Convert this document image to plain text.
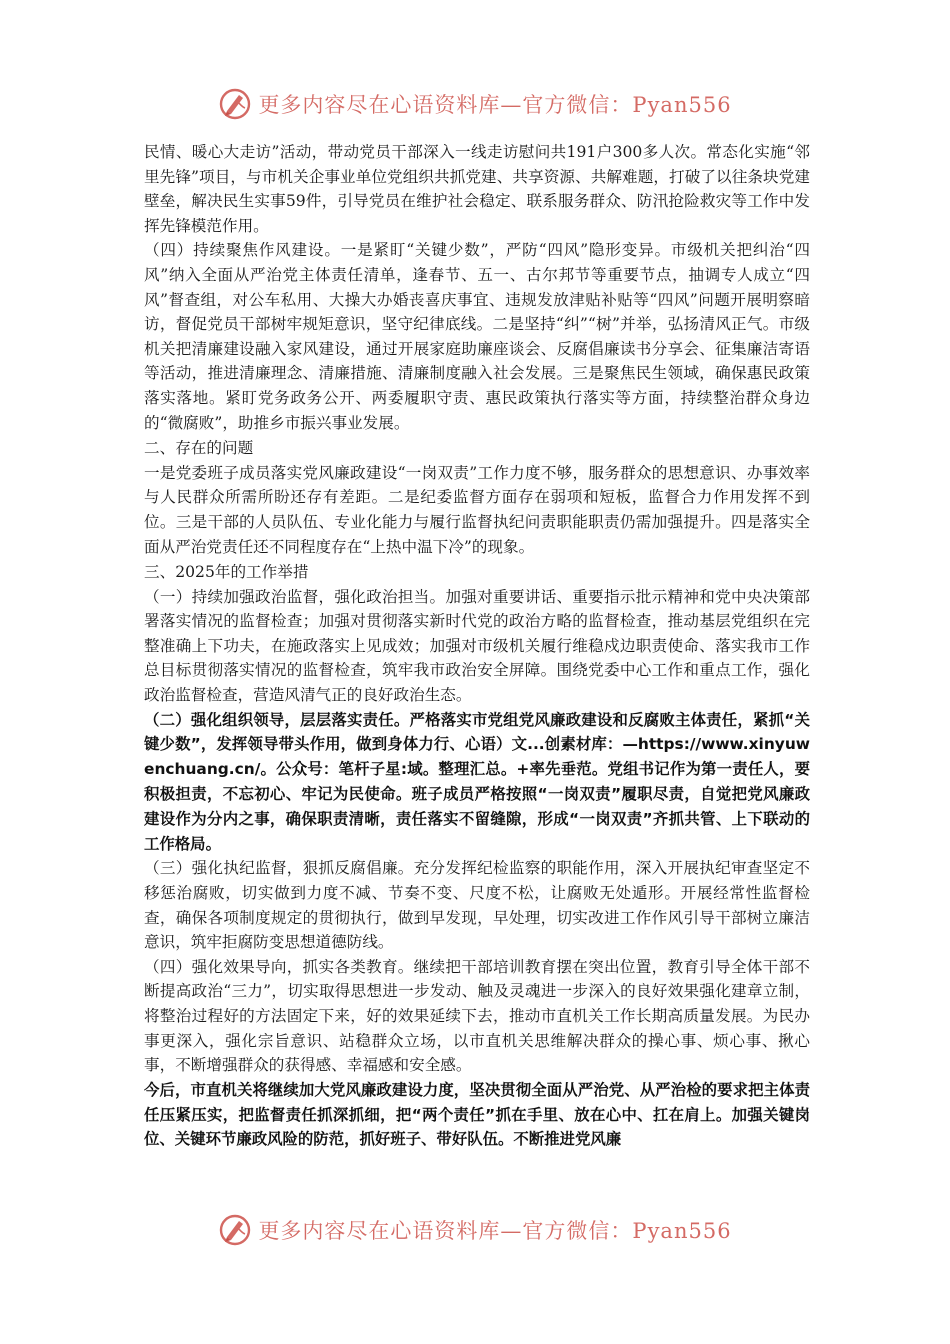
更多内容尽在心语资料库—官方微信：Pyan556

民情、暖心大走访”活动，带动党员干部深入一线走访慰问共191户300多人次。常态化实施“邻里先锋”项目，与市机关企事业单位党组织共抓党建、共享资源、共解难题，打破了以往条块党建壁垒，解决民生实事59件，引导党员在维护社会稳定、联系服务群众、防汛抢险救灾等工作中发挥先锋模范作用。

（四）持续聚焦作风建设。一是紧盯“关键少数”，严防“四风”隐形变异。市级机关把纠治“四风”纳入全面从严治党主体责任清单，逢春节、五一、古尔邦节等重要节点，抽调专人成立“四风”督查组，对公车私用、大操大办婚丧喜庆事宜、违规发放津贴补贴等“四风”问题开展明察暗访，督促党员干部树牢规矩意识，坚守纪律底线。二是坚持“纠”“树”并举，弘扬清风正气。市级机关把清廉建设融入家风建设，通过开展家庭助廉座谈会、反腐倡廉读书分享会、征集廉洁寄语等活动，推进清廉理念、清廉措施、清廉制度融入社会发展。三是聚焦民生领域，确保惠民政策落实落地。紧盯党务政务公开、两委履职守责、惠民政策执行落实等方面，持续整治群众身边的“微腐败”，助推乡市振兴事业发展。

二、存在的问题

一是党委班子成员落实党风廉政建设“一岗双责”工作力度不够，服务群众的思想意识、办事效率与人民群众所需所盼还存有差距。二是纪委监督方面存在弱项和短板，监督合力作用发挥不到位。三是干部的人员队伍、专业化能力与履行监督执纪问责职能职责仍需加强提升。四是落实全面从严治党责任还不同程度存在“上热中温下冷”的现象。

三、2025年的工作举措

（一）持续加强政治监督，强化政治担当。加强对重要讲话、重要指示批示精神和党中央决策部署落实情况的监督检查；加强对贯彻落实新时代党的政治方略的监督检查，推动基层党组织在完整准确上下功夫，在施政落实上见成效；加强对市级机关履行维稳戍边职责使命、落实我市工作总目标贯彻落实情况的监督检查，筑牢我市政治安全屏障。围绕党委中心工作和重点工作，强化政治监督检查，营造风清气正的良好政治生态。

（二）强化组织领导，层层落实责任。严格落实市党组党风廉政建设和反腐败主体责任，紧抓“关键少数”，发挥领导带头作用，做到身体力行、心语）文...创素材库：—https://www.xinyuwenchuang.cn/。公众号：笔杆子星:域。整理汇总。+率先垂范。党组书记作为第一责任人，要积极担责，不忘初心、牢记为民使命。班子成员严格按照“一岗双责”履职尽责，自觉把党风廉政建设作为分内之事，确保职责清晰，责任落实不留缝隙，形成“一岗双责”齐抓共管、上下联动的工作格局。

（三）强化执纪监督，狠抓反腐倡廉。充分发挥纪检监察的职能作用，深入开展执纪审查坚定不移惩治腐败，切实做到力度不减、节奏不变、尺度不松，让腐败无处遁形。开展经常性监督检查，确保各项制度规定的贯彻执行，做到早发现，早处理，切实改进工作作风引导干部树立廉洁意识，筑牢拒腐防变思想道德防线。

（四）强化效果导向，抓实各类教育。继续把干部培训教育摆在突出位置，教育引导全体干部不断提高政治“三力”，切实取得思想进一步发动、触及灵魂进一步深入的良好效果强化建章立制，将整治过程好的方法固定下来，好的效果延续下去，推动市直机关工作长期高质量发展。为民办事更深入，强化宗旨意识、站稳群众立场，以市直机关思维解决群众的操心事、烦心事、揪心事，不断增强群众的获得感、幸福感和安全感。

今后，市直机关将继续加大党风廉政建设力度，坚决贯彻全面从严治党、从严治检的要求把主体责任压紧压实，把监督责任抓深抓细，把“两个责任”抓在手里、放在心中、扛在肩上。加强关键岗位、关键环节廉政风险的防范，抓好班子、带好队伍。不断推进党风廉

更多内容尽在心语资料库—官方微信：Pyan556
